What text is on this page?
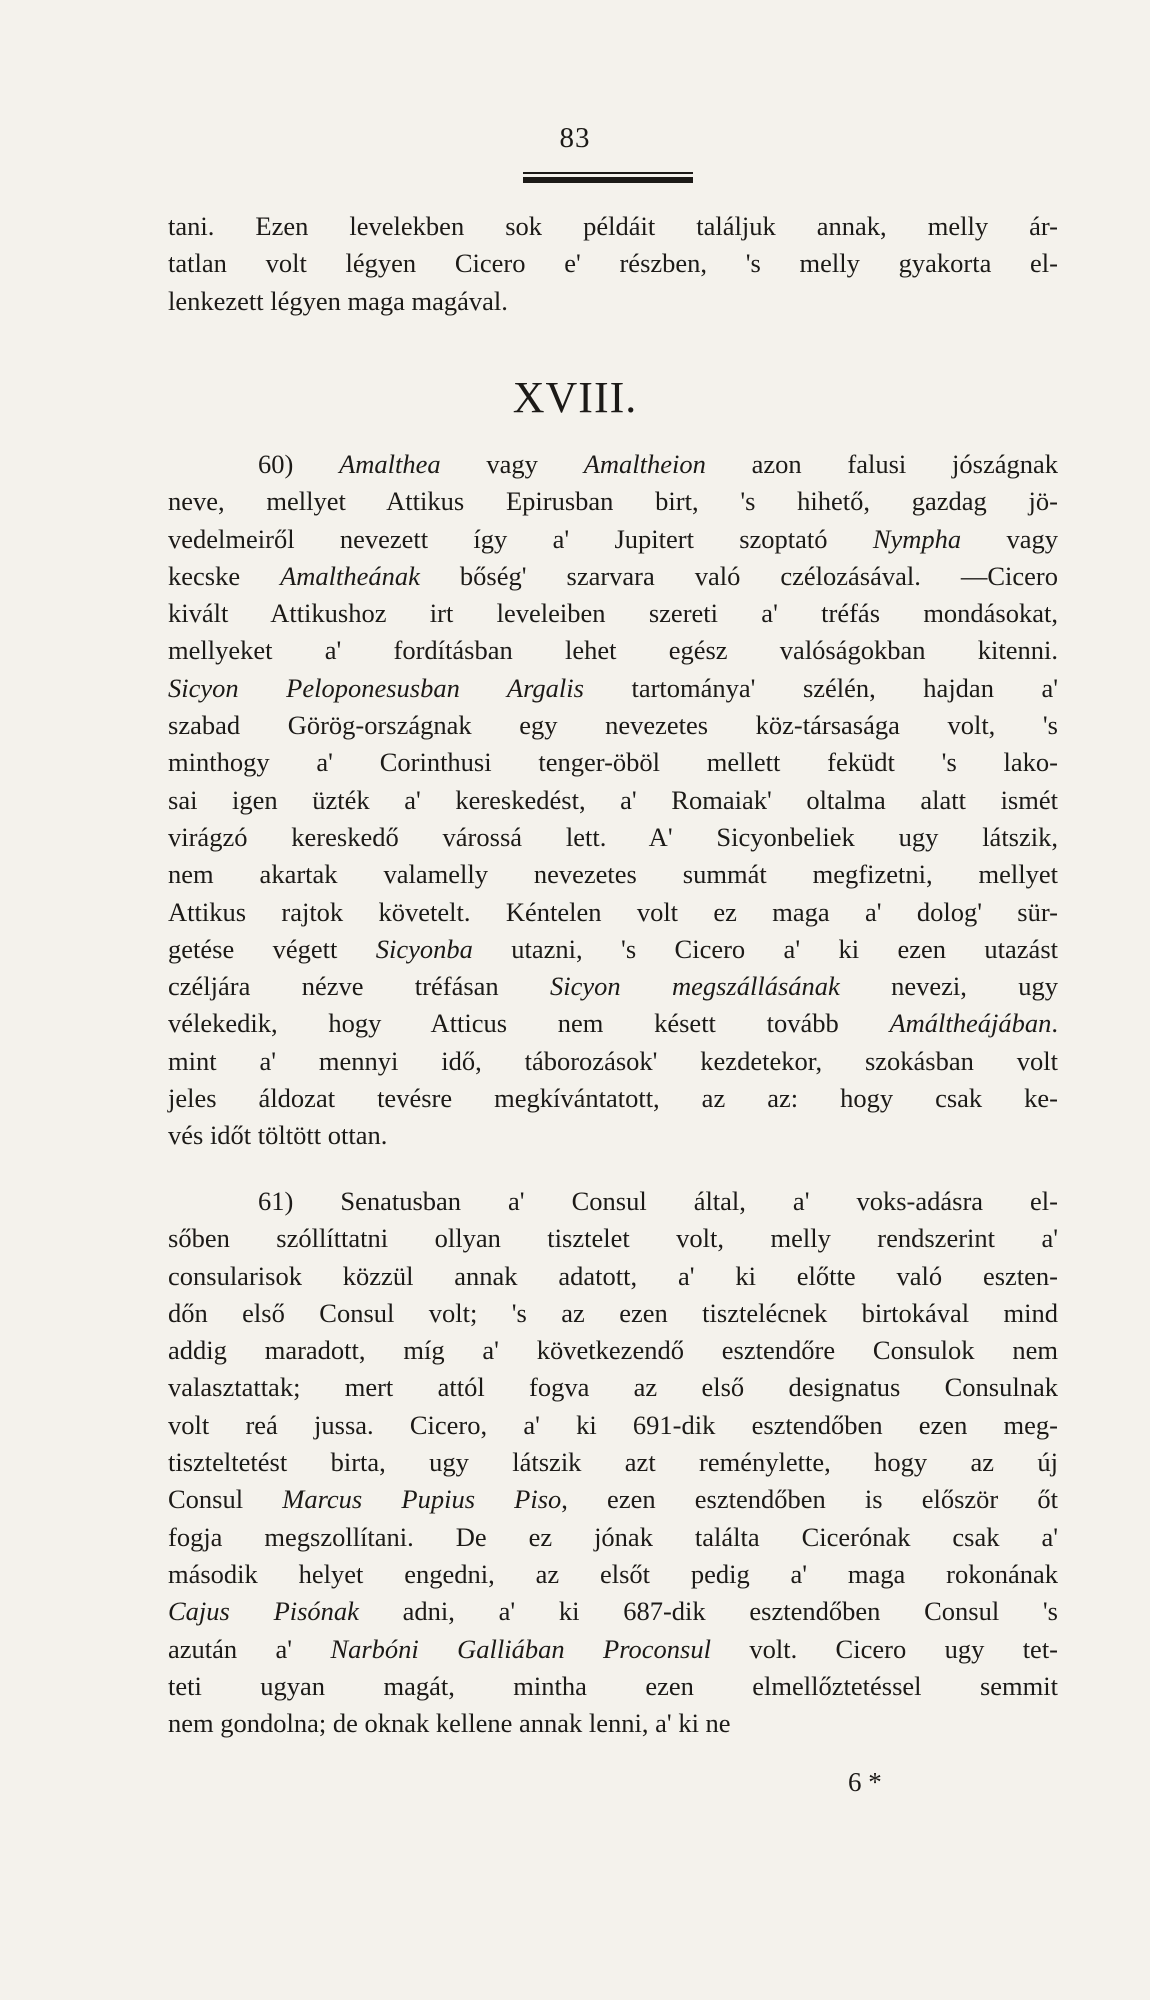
83
tani. Ezen levelekben sok példáit találjuk annak, melly ár-
tatlan volt légyen Cicero e' részben, 's melly gyakorta el-
lenkezett légyen maga magával.
XVIII.
60) Amalthea vagy Amaltheion azon falusi jószágnak
neve, mellyet Attikus Epirusban birt, 's hihető, gazdag jö-
vedelmeiről nevezett így a' Jupitert szoptató Nympha vagy
kecske Amaltheának bőség' szarvara való czélozásával. —Cicero
kivált Attikushoz irt leveleiben szereti a' tréfás mondásokat,
mellyeket a' fordításban lehet egész valóságokban kitenni.
Sicyon Peloponesusban Argalis tartománya' szélén, hajdan a'
szabad Görög-országnak egy nevezetes köz-társasága volt, 's
minthogy a' Corinthusi tenger-öböl mellett feküdt 's lako-
sai igen üzték a' kereskedést, a' Romaiak' oltalma alatt ismét
virágzó kereskedő várossá lett. A' Sicyonbeliek ugy látszik,
nem akartak valamelly nevezetes summát megfizetni, mellyet
Attikus rajtok követelt. Kéntelen volt ez maga a' dolog' sür-
getése végett Sicyonba utazni, 's Cicero a' ki ezen utazást
czéljára nézve tréfásan Sicyon megszállásának nevezi, ugy
vélekedik, hogy Atticus nem késett tovább Amáltheájában.
mint a' mennyi idő, táborozások' kezdetekor, szokásban volt
jeles áldozat tevésre megkívántatott, az az: hogy csak ke-
vés időt töltött ottan.
61) Senatusban a' Consul által, a' voks-adásra el-
sőben szóllíttatni ollyan tisztelet volt, melly rendszerint a'
consularisok közzül annak adatott, a' ki előtte való eszten-
dőn első Consul volt; 's az ezen tiszteléсnek birtokával mind
addig maradott, míg a' következendő esztendőre Consulok nem
valasztattak; mert attól fogva az első designatus Consulnak
volt reá jussa. Cicero, a' ki 691-dik esztendőben ezen meg-
tiszteltetést birta, ugy látszik azt reménylette, hogy az új
Consul Marcus Pupius Piso, ezen esztendőben is először őt
fogja megszollítani. De ez jónak találta Cicerónak csak a'
második helyet engedni, az elsőt pedig a' maga rokonának
Cajus Pisónak adni, a' ki 687-dik esztendőben Consul 's
azután a' Narbóni Galliában Proconsul volt. Cicero ugy tet-
teti ugyan magát, mintha ezen elmellőztetéssel semmit
nem gondolna; de oknak kellene annak lenni, a' ki ne
6 *
